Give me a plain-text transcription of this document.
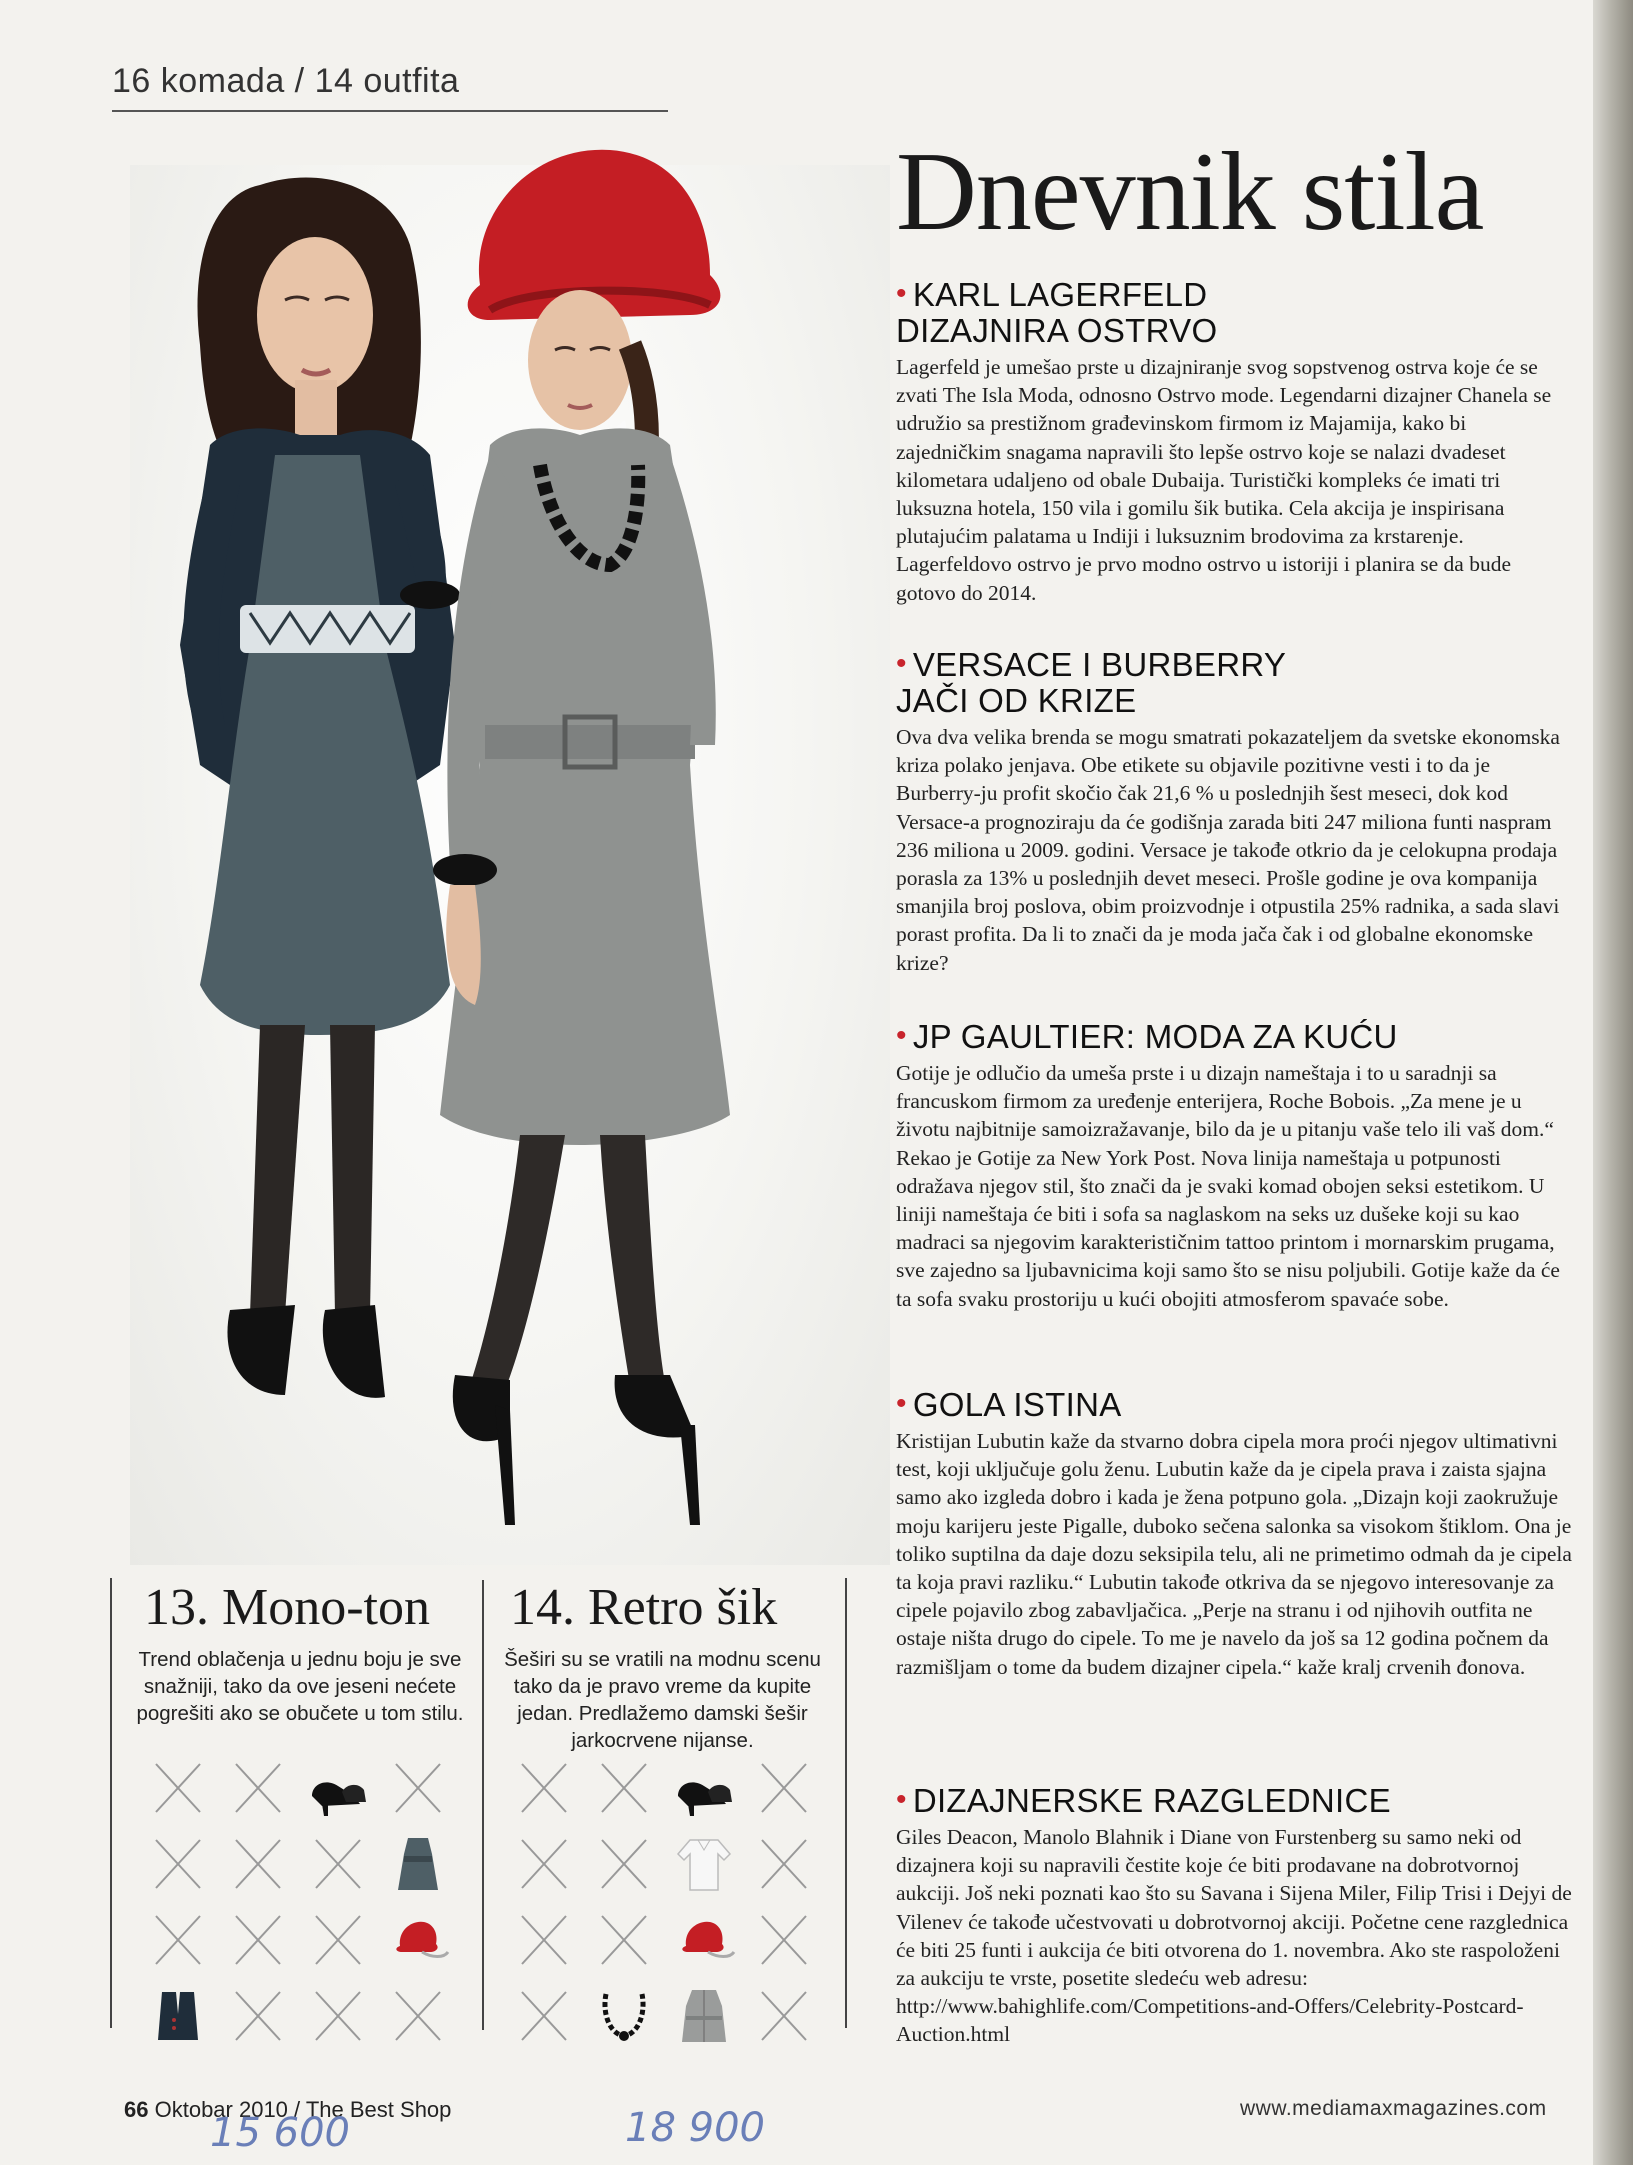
16 komada / 14 outfita
Dnevnik stila
• KARL LAGERFELD
DIZAJNIRA OSTRVO
Lagerfeld je umešao prste u dizajniranje svog sopstvenog ostrva koje će se zvati The Isla Moda, odnosno Ostrvo mode. Legendarni dizajner Chanela se udružio sa prestižnom građevinskom firmom iz Majamija, kako bi zajedničkim snagama napravili što lepše ostrvo koje se nalazi dvadeset kilometara udaljeno od obale Dubaija. Turistički kompleks će imati tri luksuzna hotela, 150 vila i gomilu šik butika. Cela akcija je inspirisana plutajućim palatama u Indiji i luksuznim brodovima za krstarenje. Lagerfeldovo ostrvo je prvo modno ostrvo u istoriji i planira se da bude gotovo do 2014.
• VERSACE I BURBERRY
JAČI OD KRIZE
Ova dva velika brenda se mogu smatrati pokazateljem da svetske ekonomska kriza polako jenjava. Obe etikete su objavile pozitivne vesti i to da je Burberry-ju profit skočio čak 21,6 % u poslednjih šest meseci, dok kod Versace-a prognoziraju da će godišnja zarada biti 247 miliona funti naspram 236 miliona u 2009. godini. Versace je takođe otkrio da je celokupna prodaja porasla za 13% u poslednjih devet meseci. Prošle godine je ova kompanija smanjila broj poslova, obim proizvodnje i otpustila 25% radnika, a sada slavi porast profita. Da li to znači da je moda jača čak i od globalne ekonomske krize?
• JP GAULTIER: MODA ZA KUĆU
Gotije je odlučio da umeša prste i u dizajn nameštaja i to u saradnji sa francuskom firmom za uređenje enterijera, Roche Bobois. „Za mene je u životu najbitnije samoizražavanje, bilo da je u pitanju vaše telo ili vaš dom.“ Rekao je Gotije za New York Post. Nova linija nameštaja u potpunosti odražava njegov stil, što znači da je svaki komad obojen seksi estetikom. U liniji nameštaja će biti i sofa sa naglaskom na seks uz dušeke koji su kao madraci sa njegovim karakterističnim tattoo printom i mornarskim prugama, sve zajedno sa ljubavnicima koji samo što se nisu poljubili. Gotije kaže da će ta sofa svaku prostoriju u kući obojiti atmosferom spavaće sobe.
• GOLA ISTINA
Kristijan Lubutin kaže da stvarno dobra cipela mora proći njegov ultimativni test, koji uključuje golu ženu. Lubutin kaže da je cipela prava i zaista sjajna samo ako izgleda dobro i kada je žena potpuno gola. „Dizajn koji zaokružuje moju karijeru jeste Pigalle, duboko sečena salonka sa visokom štiklom. Ona je toliko suptilna da daje dozu seksipila telu, ali ne primetimo odmah da je cipela ta koja pravi razliku.“ Lubutin takođe otkriva da se njegovo interesovanje za cipele pojavilo zbog zabavljačica. „Perje na stranu i od njihovih outfita ne ostaje ništa drugo do cipele. To me je navelo da još sa 12 godina počnem da razmišljam o tome da budem dizajner cipela.“ kaže kralj crvenih đonova.
• DIZAJNERSKE RAZGLEDNICE
Giles Deacon, Manolo Blahnik i Diane von Furstenberg su samo neki od dizajnera koji su napravili čestite koje će biti prodavane na dobrotvornoj aukciji. Još neki poznati kao što su Savana i Sijena Miler, Filip Trisi i Dejyi de Vilenev će takođe učestvovati u dobrotvornoj akciji. Početne cene razglednica će biti 25 funti i aukcija će biti otvorena do 1. novembra. Ako ste raspoloženi za aukciju te vrste, posetite sledeću web adresu: http://www.bahighlife.com/Competitions-and-Offers/Celebrity-Postcard-Auction.html
13. Mono-ton
Trend oblačenja u jednu boju je sve snažniji, tako da ove jeseni nećete pogrešiti ako se obučete u tom stilu.
14. Retro šik
Šeširi su se vratili na modnu scenu tako da je pravo vreme da kupite jedan. Predlažemo damski šešir jarkocrvene nijanse.
66 Oktobar 2010 / The Best Shop	www.mediamaxmagazines.com
15 600	18 900
